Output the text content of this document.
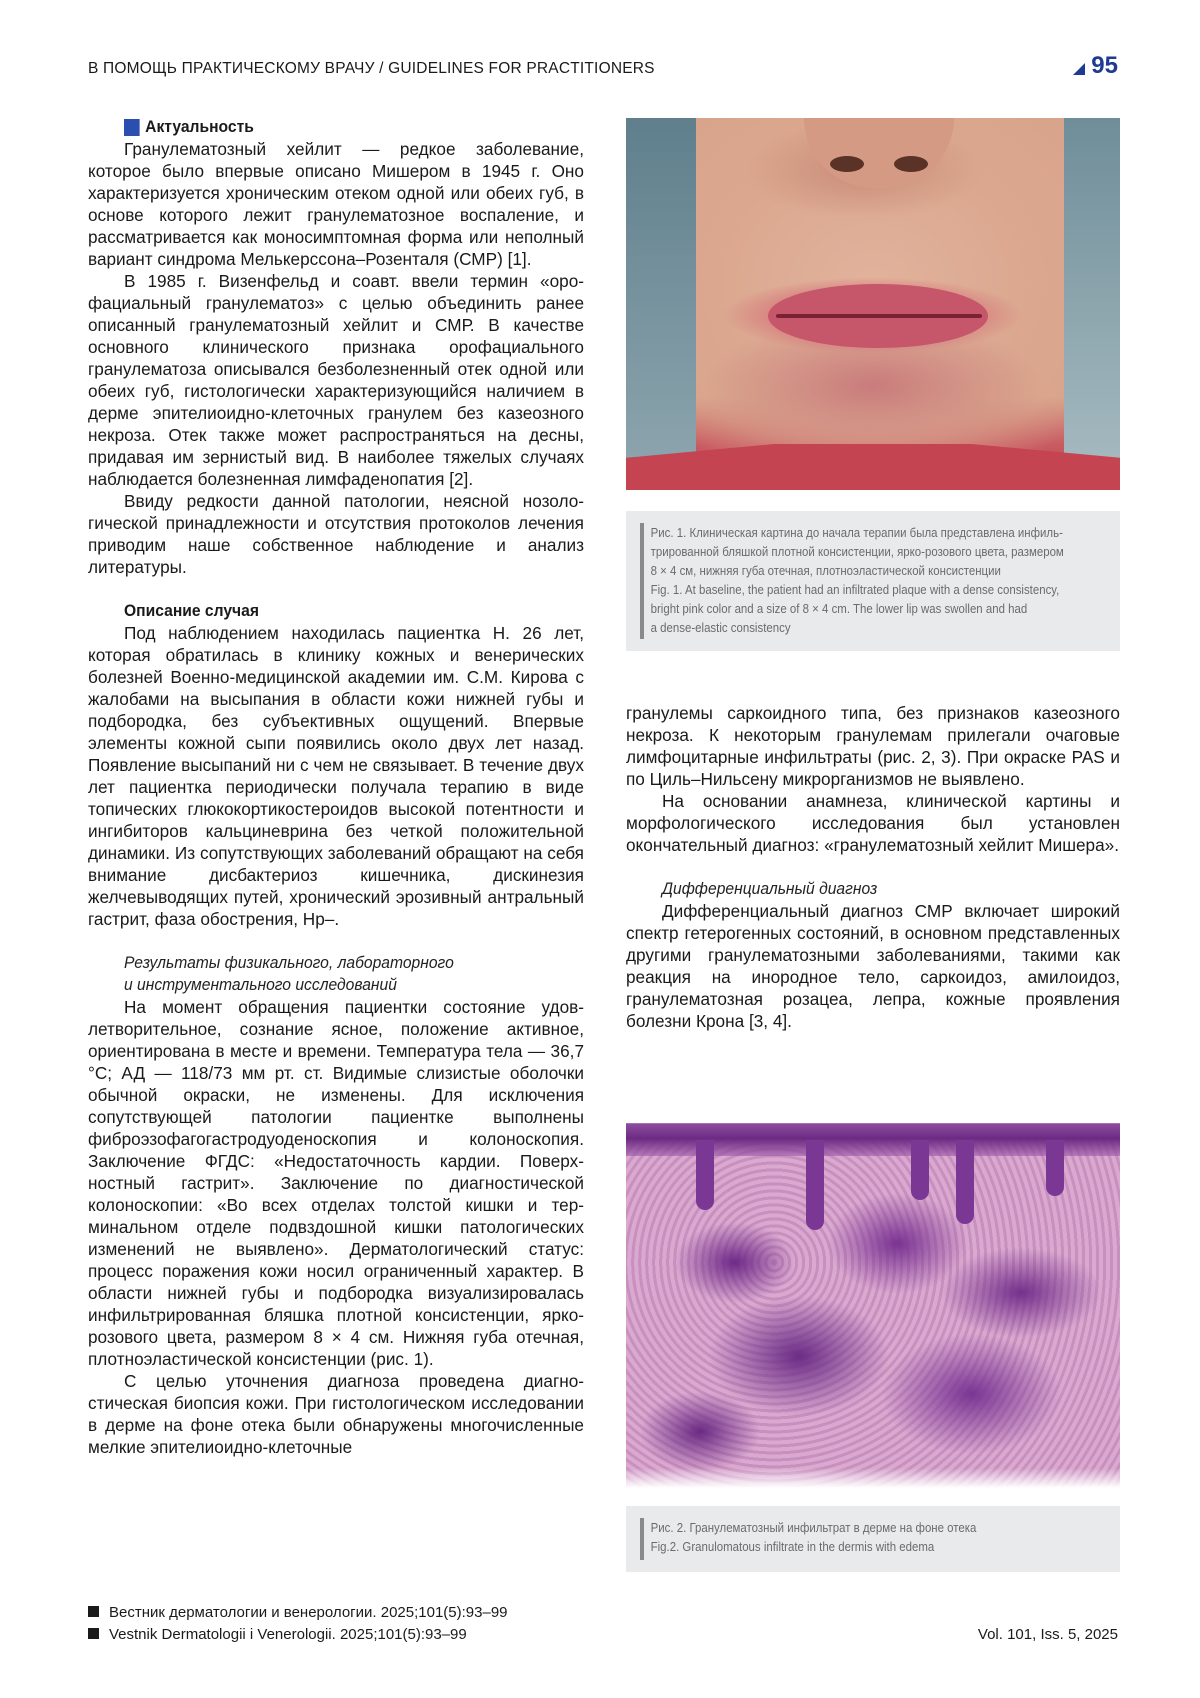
В ПОМОЩЬ ПРАКТИЧЕСКОМУ ВРАЧУ / GUIDELINES FOR PRACTITIONERS	95
Актуальность

Гранулематозный хейлит — редкое заболевание, которое было впервые описано Мишером в 1945 г. Оно характеризуется хроническим отеком одной или обеих губ, в основе которого лежит гранулематозное воспаление, и рассматривается как моносимптомная форма или неполный вариант синдрома Мелькерссона–Розенталя (СМР) [1].

В 1985 г. Визенфельд и соавт. ввели термин «орофациальный гранулематоз» с целью объединить ранее описанный гранулематозный хейлит и СМР. В качестве основного клинического признака орофациального гранулематоза описывался безболезненный отек одной или обеих губ, гистологически характеризующийся наличием в дерме эпителиоидно-клеточных гранулем без казеозного некроза. Отек также может распространяться на десны, придавая им зернистый вид. В наиболее тяжелых случаях наблюдается болезненная лимфаденопатия [2].

Ввиду редкости данной патологии, неясной нозологической принадлежности и отсутствия протоколов лечения приводим наше собственное наблюдение и анализ литературы.

Описание случая

Под наблюдением находилась пациентка Н. 26 лет, которая обратилась в клинику кожных и венерических болезней Военно-медицинской академии им. С.М. Кирова с жалобами на высыпания в области кожи нижней губы и подбородка, без субъективных ощущений. Впервые элементы кожной сыпи появились около двух лет назад. Появление высыпаний ни с чем не связывает. В течение двух лет пациентка периодически получала терапию в виде топических глюкокортикостероидов высокой потентности и ингибиторов кальциневрина без четкой положительной динамики. Из сопутствующих заболеваний обращают на себя внимание дисбактериоз кишечника, дискинезия желчевыводящих путей, хронический эрозивный антральный гастрит, фаза обострения, Hp–.

Результаты физикального, лабораторного
и инструментального исследований

На момент обращения пациентки состояние удовлетворительное, сознание ясное, положение активное, ориентирована в месте и времени. Температура тела — 36,7 °C; АД — 118/73 мм рт. ст. Видимые слизистые оболочки обычной окраски, не изменены. Для исключения сопутствующей патологии пациентке выполнены фиброэзофагогастродуоденоскопия и колоноскопия. Заключение ФГДС: «Недостаточность кардии. Поверхностный гастрит». Заключение по диагностической колоноскопии: «Во всех отделах толстой кишки и терминальном отделе подвздошной кишки патологических изменений не выявлено». Дерматологический статус: процесс поражения кожи носил ограниченный характер. В области нижней губы и подбородка визуализировалась инфильтрированная бляшка плотной консистенции, ярко-розового цвета, размером 8 × 4 см. Нижняя губа отечная, плотноэластической консистенции (рис. 1).

С целью уточнения диагноза проведена диагностическая биопсия кожи. При гистологическом исследовании в дерме на фоне отека были обнаружены многочисленные мелкие эпителиоидно-клеточные

Рис. 1. Клиническая картина до начала терапии была представлена инфиль-
трированной бляшкой плотной консистенции, ярко-розового цвета, размером
8 × 4 см, нижняя губа отечная, плотноэластической консистенции
Fig. 1. At baseline, the patient had an infiltrated plaque with a dense consistency,
bright pink color and a size of 8 × 4 cm. The lower lip was swollen and had
a dense-elastic consistency

гранулемы саркоидного типа, без признаков казеозного некроза. К некоторым гранулемам прилегали очаговые лимфоцитарные инфильтраты (рис. 2, 3). При окраске PAS и по Циль–Нильсену микрорганизмов не выявлено.

На основании анамнеза, клинической картины и морфологического исследования был установлен окончательный диагноз: «гранулематозный хейлит Мишера».

Дифференциальный диагноз

Дифференциальный диагноз СМР включает широкий спектр гетерогенных состояний, в основном представленных другими гранулематозными заболеваниями, такими как реакция на инородное тело, саркоидоз, амилоидоз, гранулематозная розацеа, лепра, кожные проявления болезни Крона [3, 4].

Рис. 2. Гранулематозный инфильтрат в дерме на фоне отека
Fig.2. Granulomatous infiltrate in the dermis with edema
Вестник дерматологии и венерологии. 2025;101(5):93–99
Vestnik Dermatologii i Venerologii. 2025;101(5):93–99	Vol. 101, Iss. 5, 2025
